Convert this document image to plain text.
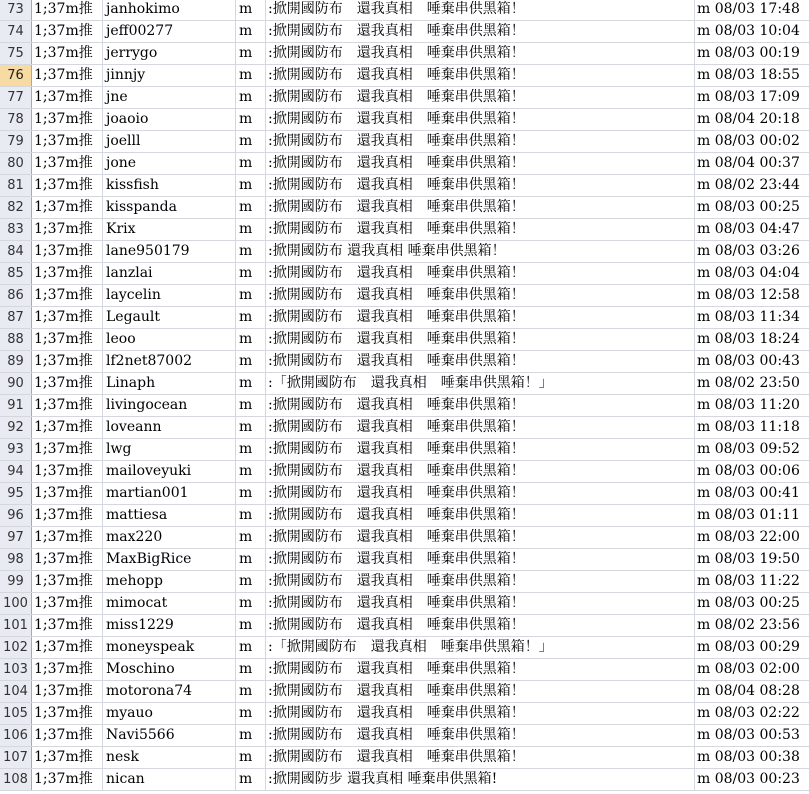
73 1;37m推 janhokimo	m	:掀開國防布　還我真相　唾棄串供黑箱！	m 08/03 17:48
74 1;37m推 jeff00277	m	:掀開國防布　還我真相　唾棄串供黑箱！	m 08/03 10:04
75 1;37m推 jerrygo	m	:掀開國防布　還我真相　唾棄串供黑箱！	m 08/03 00:19
76 1;37m推 jinnjy	m	:掀開國防布　還我真相　唾棄串供黑箱！	m 08/03 18:55
77 1;37m推 jne	m	:掀開國防布　還我真相　唾棄串供黑箱！	m 08/03 17:09
78 1;37m推 joaoio	m	:掀開國防布　還我真相　唾棄串供黑箱！	m 08/04 20:18
79 1;37m推 joelll	m	:掀開國防布　還我真相　唾棄串供黑箱！	m 08/03 00:02
80 1;37m推 jone	m	:掀開國防布　還我真相　唾棄串供黑箱！	m 08/04 00:37
81 1;37m推 kissfish	m	:掀開國防布　還我真相　唾棄串供黑箱！	m 08/02 23:44
82 1;37m推 kisspanda	m	:掀開國防布　還我真相　唾棄串供黑箱！	m 08/03 00:25
83 1;37m推 Krix	m	:掀開國防布　還我真相　唾棄串供黑箱！	m 08/03 04:47
84 1;37m推 lane950179	m	:掀開國防布 還我真相 唾棄串供黑箱！	m 08/03 03:26
85 1;37m推 lanzlai	m	:掀開國防布　還我真相　唾棄串供黑箱！	m 08/03 04:04
86 1;37m推 laycelin	m	:掀開國防布　還我真相　唾棄串供黑箱！	m 08/03 12:58
87 1;37m推 Legault	m	:掀開國防布　還我真相　唾棄串供黑箱！	m 08/03 11:34
88 1;37m推 leoo	m	:掀開國防布　還我真相　唾棄串供黑箱！	m 08/03 18:24
89 1;37m推 lf2net87002	m	:掀開國防布　還我真相　唾棄串供黑箱！	m 08/03 00:43
90 1;37m推 Linaph	m	:「掀開國防布　還我真相　唾棄串供黑箱！」	m 08/02 23:50
91 1;37m推 livingocean	m	:掀開國防布　還我真相　唾棄串供黑箱！	m 08/03 11:20
92 1;37m推 loveann	m	:掀開國防布　還我真相　唾棄串供黑箱！	m 08/03 11:18
93 1;37m推 lwg	m	:掀開國防布　還我真相　唾棄串供黑箱！	m 08/03 09:52
94 1;37m推 mailoveyuki	m	:掀開國防布　還我真相　唾棄串供黑箱！	m 08/03 00:06
95 1;37m推 martian001	m	:掀開國防布　還我真相　唾棄串供黑箱！	m 08/03 00:41
96 1;37m推 mattiesa	m	:掀開國防布　還我真相　唾棄串供黑箱！	m 08/03 01:11
97 1;37m推 max220	m	:掀開國防布　還我真相　唾棄串供黑箱！	m 08/03 22:00
98 1;37m推 MaxBigRice	m	:掀開國防布　還我真相　唾棄串供黑箱！	m 08/03 19:50
99 1;37m推 mehopp	m	:掀開國防布　還我真相　唾棄串供黑箱！	m 08/03 11:22
100 1;37m推 mimocat	m	:掀開國防布　還我真相　唾棄串供黑箱！	m 08/03 00:25
101 1;37m推 miss1229	m	:掀開國防布　還我真相　唾棄串供黑箱！	m 08/02 23:56
102 1;37m推 moneyspeak	m	:「掀開國防布　還我真相　唾棄串供黑箱！」	m 08/03 00:29
103 1;37m推 Moschino	m	:掀開國防布　還我真相　唾棄串供黑箱！	m 08/03 02:00
104 1;37m推 motorona74	m	:掀開國防布　還我真相　唾棄串供黑箱！	m 08/04 08:28
105 1;37m推 myauo	m	:掀開國防布　還我真相　唾棄串供黑箱！	m 08/03 02:22
106 1;37m推 Navi5566	m	:掀開國防布　還我真相　唾棄串供黑箱！	m 08/03 00:53
107 1;37m推 nesk	m	:掀開國防布　還我真相　唾棄串供黑箱！	m 08/03 00:38
108 1;37m推 nican	m	:掀開國防步 還我真相 唾棄串供黑箱!	m 08/03 00:23
